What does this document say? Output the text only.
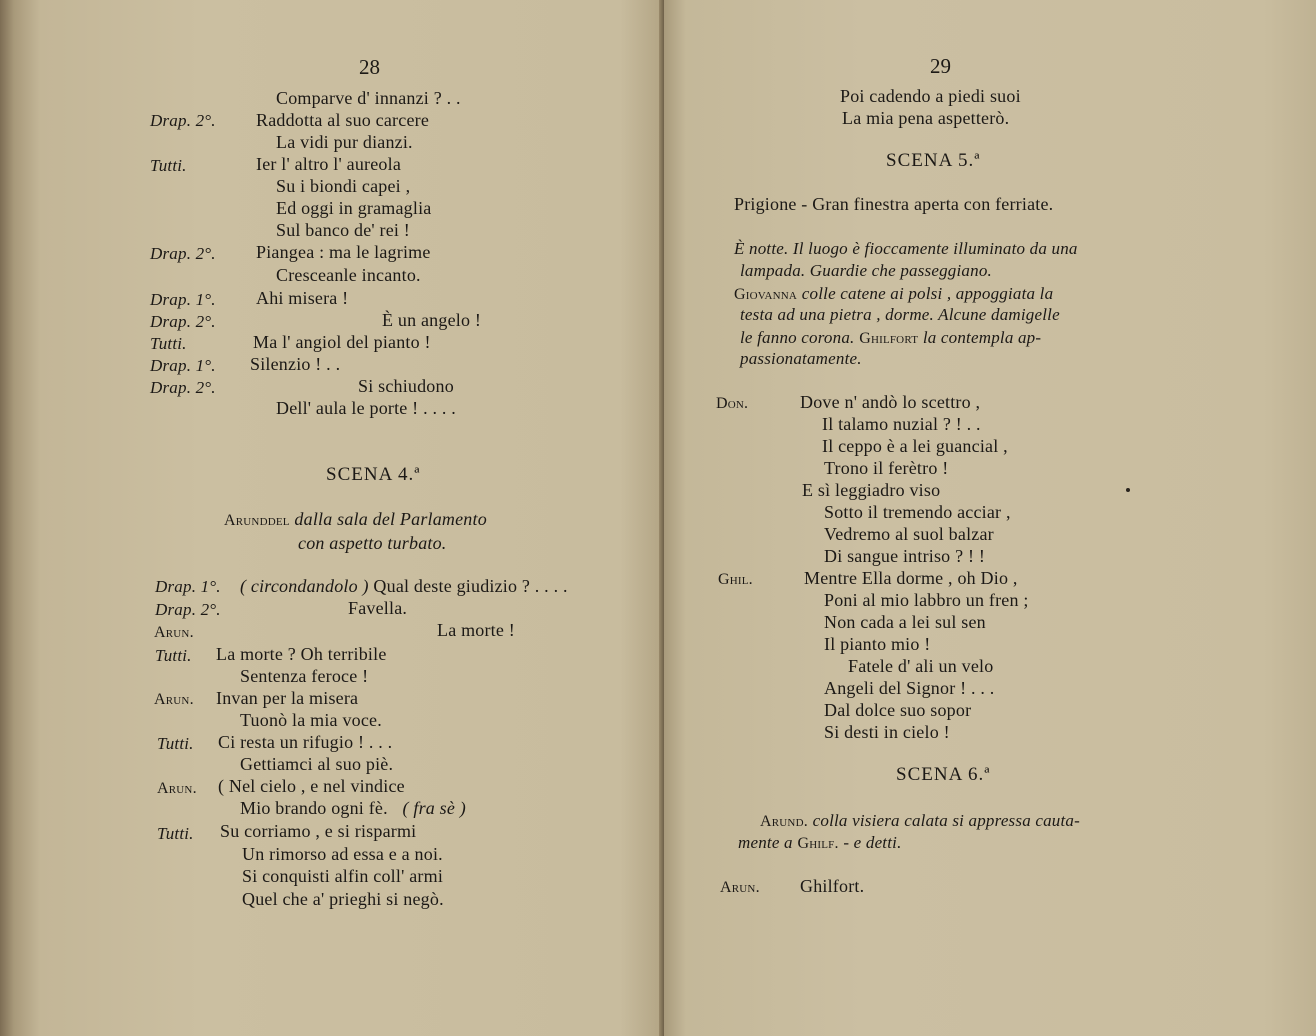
28
Comparve d' innanzi ? . .
Drap. 2°. Raddotta al suo carcere
La vidi pur dianzi.
Tutti.	Ier l' altro l' aureola
Su i biondi capei ,
Ed oggi in gramaglia
Sul banco de' rei !
Drap. 2°. Piangea : ma le lagrime
Cresceanle incanto.
Drap. 1°. Ahi misera !
Drap. 2°.	È un angelo !
Tutti.	Ma l' angiol del pianto !
Drap. 1°. Silenzio ! . .
Drap. 2°.	Si schiudono
Dell' aula le porte ! . . . .
SCENA 4.ª
Arunddel dalla sala del Parlamento
con aspetto turbato.
Drap. 1°. ( circondandolo ) Qual deste giudizio ? . . . .
Drap. 2°.	Favella.
Arun.	La morte !
Tutti. La morte ? Oh terribile
Sentenza feroce !
Arun. Invan per la misera
Tuonò la mia voce.
Tutti. Ci resta un rifugio ! . . .
Gettiamci al suo piè.
Arun. ( Nel cielo , e nel vindice
Mio brando ogni fè. ( fra sè )
Tutti. Su corriamo , e si risparmi
Un rimorso ad essa e a noi.
Si conquisti alfin coll' armi
Quel che a' prieghi si negò.
29
Poi cadendo a piedi suoi
La mia pena aspetterò.
SCENA 5.ª
Prigione - Gran finestra aperta con ferriate.
È notte. Il luogo è fioccamente illuminato da una
lampada. Guardie che passeggiano.
Giovanna colle catene ai polsi , appoggiata la
testa ad una pietra , dorme. Alcune damigelle
le fanno corona. Ghilfort la contempla ap-
passionatamente.
Don.	Dove n' andò lo scettro ,
Il talamo nuzial ? ! . .
Il ceppo è a lei guancial ,
Trono il ferètro !
E sì leggiadro viso
Sotto il tremendo acciar ,
Vedremo al suol balzar
Di sangue intriso ? ! !
Ghil.	Mentre Ella dorme , oh Dio ,
Poni al mio labbro un fren ;
Non cada a lei sul sen
Il pianto mio !
Fatele d' ali un velo
Angeli del Signor ! . . .
Dal dolce suo sopor
Si desti in cielo !
SCENA 6.ª
Arund. colla visiera calata si appressa cauta-
mente a Ghilf. - e detti.
Arun. Ghilfort.
